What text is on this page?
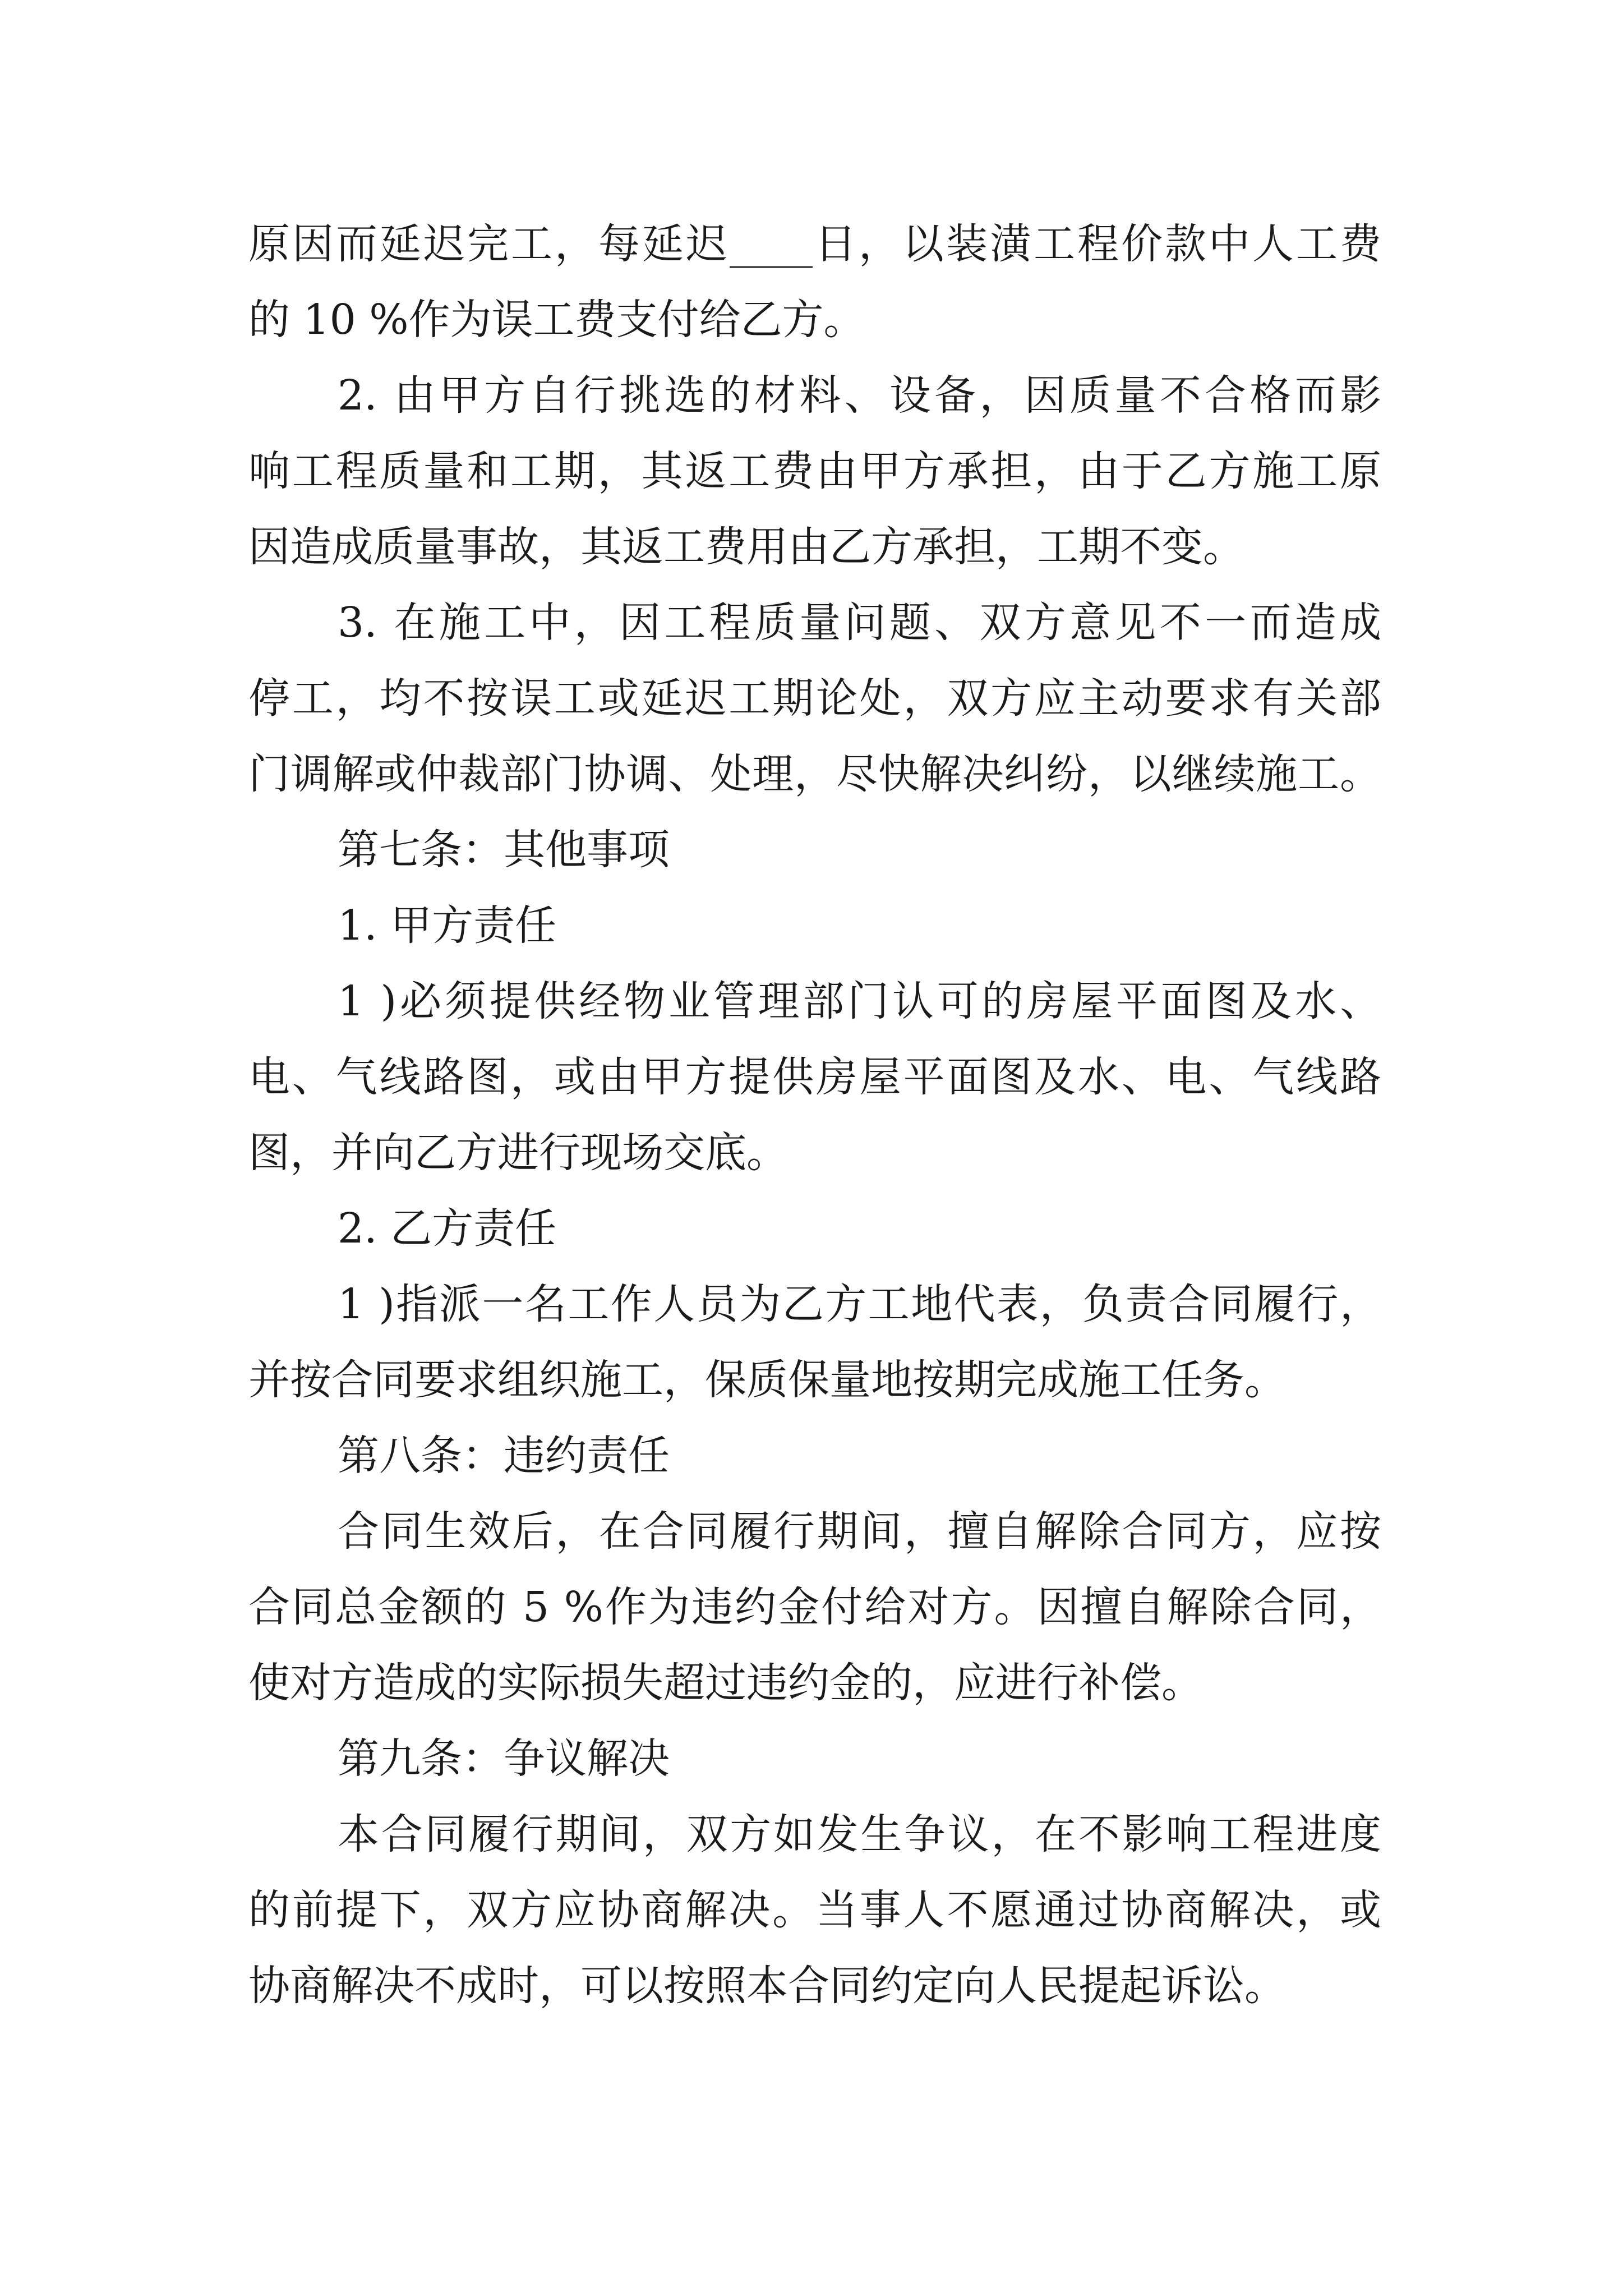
原因而延迟完工，每延迟____日，以装潢工程价款中人工费
的 10 %作为误工费支付给乙方。
2. 由甲方自行挑选的材料、设备，因质量不合格而影
响工程质量和工期，其返工费由甲方承担，由于乙方施工原
因造成质量事故，其返工费用由乙方承担，工期不变。
3. 在施工中，因工程质量问题、双方意见不一而造成
停工，均不按误工或延迟工期论处，双方应主动要求有关部
门调解或仲裁部门协调、处理，尽快解决纠纷，以继续施工。
第七条：其他事项
1. 甲方责任
1 )必须提供经物业管理部门认可的房屋平面图及水、
电、气线路图，或由甲方提供房屋平面图及水、电、气线路
图，并向乙方进行现场交底。
2. 乙方责任
1 )指派一名工作人员为乙方工地代表，负责合同履行，
并按合同要求组织施工，保质保量地按期完成施工任务。
第八条：违约责任
合同生效后，在合同履行期间，擅自解除合同方，应按
合同总金额的 5 %作为违约金付给对方。因擅自解除合同，
使对方造成的实际损失超过违约金的，应进行补偿。
第九条：争议解决
本合同履行期间，双方如发生争议，在不影响工程进度
的前提下，双方应协商解决。当事人不愿通过协商解决，或
协商解决不成时，可以按照本合同约定向人民提起诉讼。
